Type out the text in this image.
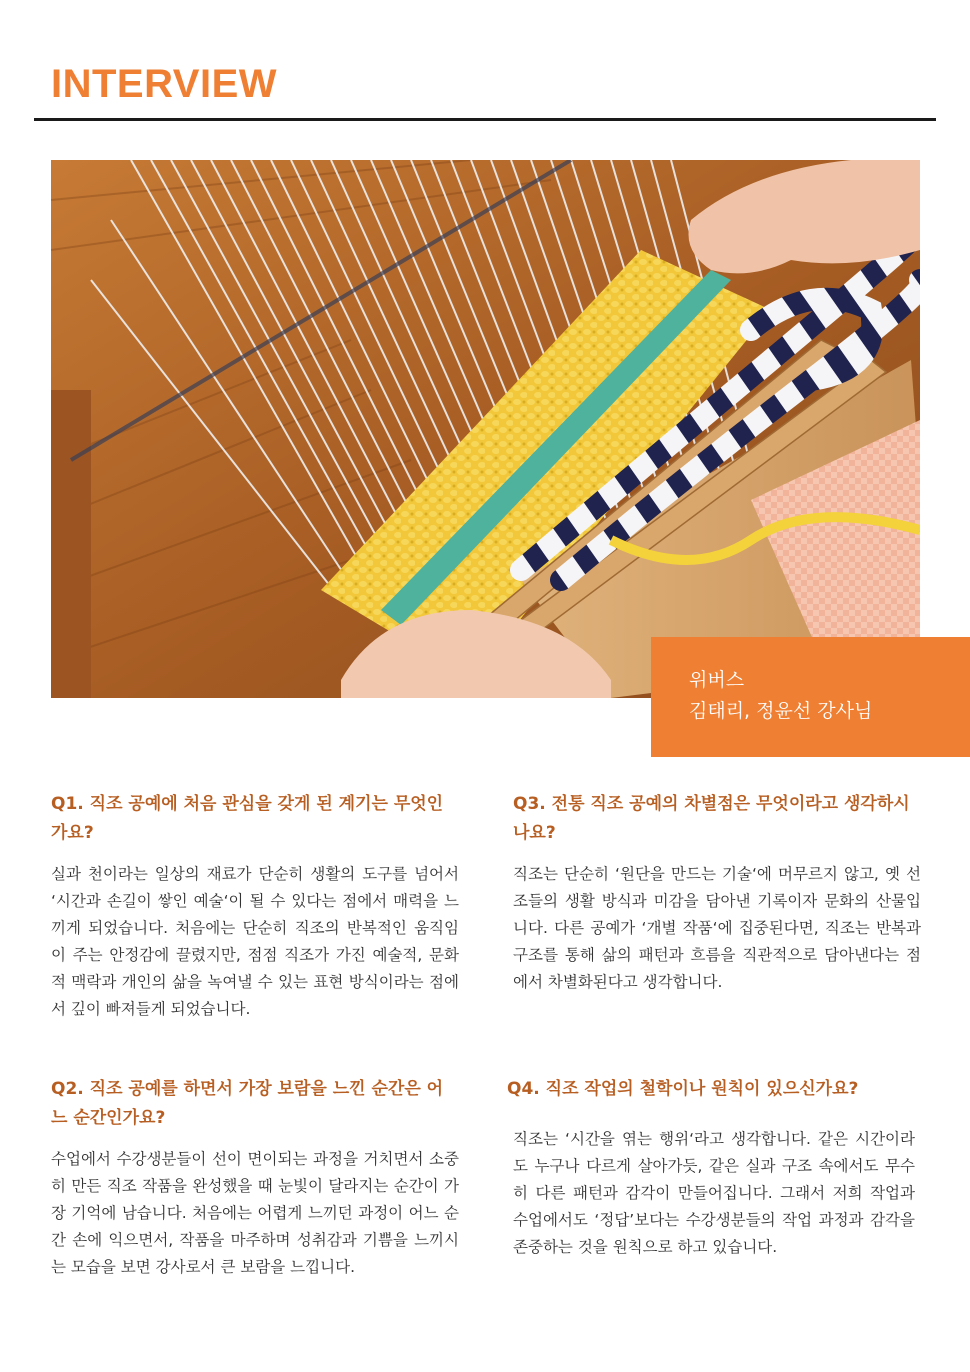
INTERVIEW
위버스
김태리, 정윤선 강사님

Q1. 직조 공예에 처음 관심을 갖게 된 계기는 무엇인가요?

실과 천이라는 일상의 재료가 단순히 생활의 도구를 넘어서 ‘시간과 손길이 쌓인 예술‘이 될 수 있다는 점에서 매력을 느끼게 되었습니다. 처음에는 단순히 직조의 반복적인 움직임이 주는 안정감에 끌렸지만, 점점 직조가 가진 예술적, 문화적 맥락과 개인의 삶을 녹여낼 수 있는 표현 방식이라는 점에서 깊이 빠져들게 되었습니다.

Q2. 직조 공예를 하면서 가장 보람을 느낀 순간은 어느 순간인가요?

수업에서 수강생분들이 선이 면이되는 과정을 거치면서 소중히 만든 직조 작품을 완성했을 때 눈빛이 달라지는 순간이 가장 기억에 남습니다. 처음에는 어렵게 느끼던 과정이 어느 순간 손에 익으면서, 작품을 마주하며 성취감과 기쁨을 느끼시는 모습을 보면 강사로서 큰 보람을 느낍니다.

Q3. 전통 직조 공예의 차별점은 무엇이라고 생각하시나요?

직조는 단순히 ‘원단을 만드는 기술‘에 머무르지 않고, 옛 선조들의 생활 방식과 미감을 담아낸 기록이자 문화의 산물입니다. 다른 공예가 ‘개별 작품‘에 집중된다면, 직조는 반복과 구조를 통해 삶의 패턴과 흐름을 직관적으로 담아낸다는 점에서 차별화된다고 생각합니다.

Q4. 직조 작업의 철학이나 원칙이 있으신가요?

직조는 ‘시간을 엮는 행위‘라고 생각합니다. 같은 시간이라도 누구나 다르게 살아가듯, 같은 실과 구조 속에서도 무수히 다른 패턴과 감각이 만들어집니다. 그래서 저희 작업과 수업에서도 ‘정답’보다는 수강생분들의 작업 과정과 감각을 존중하는 것을 원칙으로 하고 있습니다.
